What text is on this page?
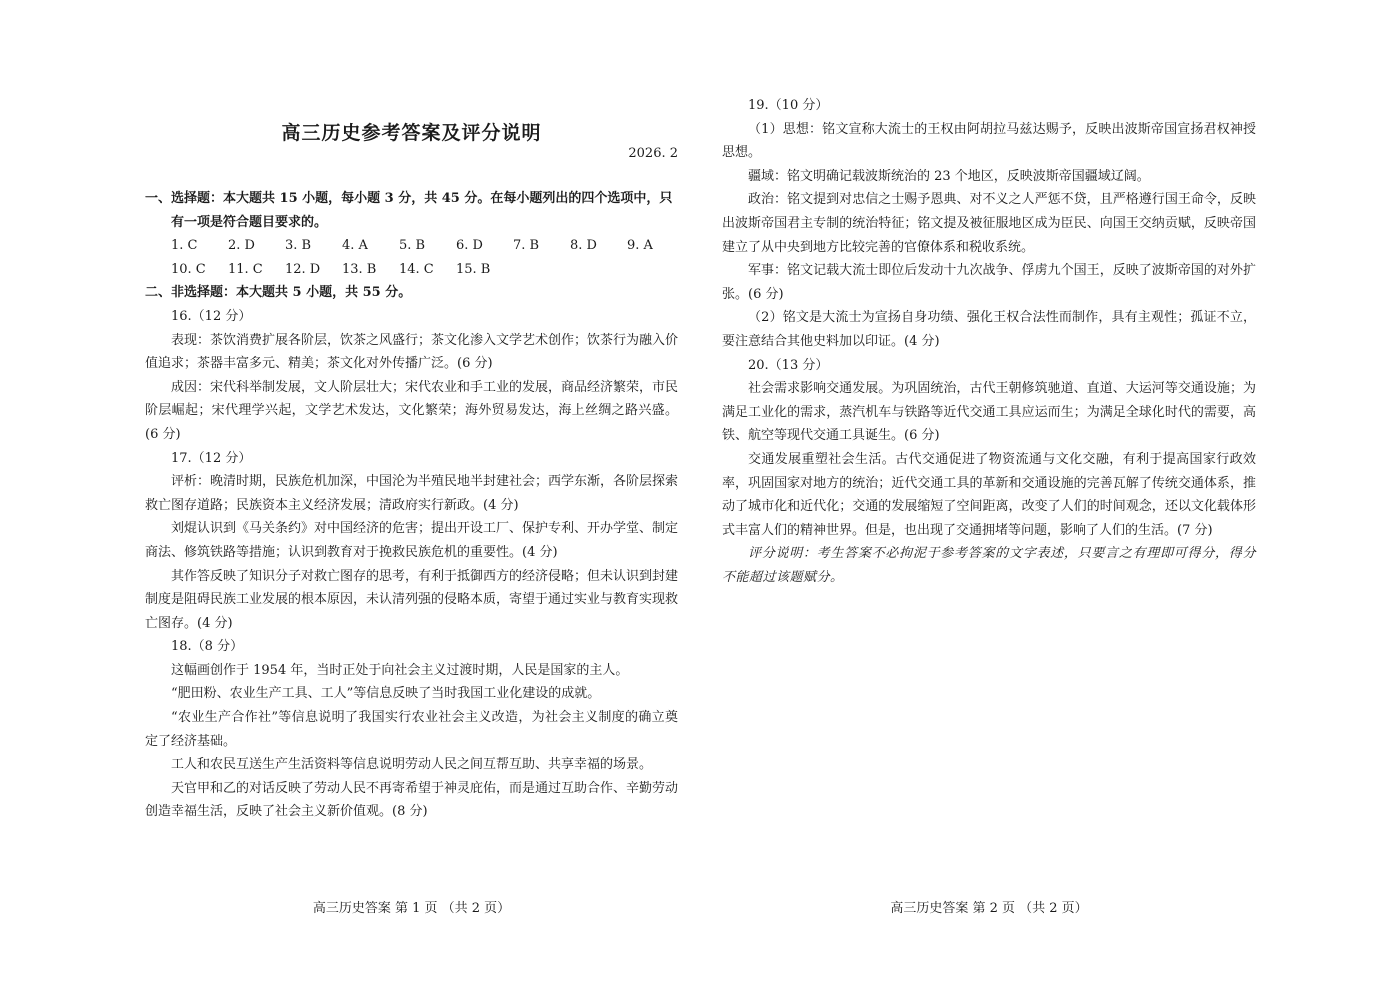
高三历史参考答案及评分说明
2026. 2

一、选择题：本大题共 15 小题，每小题 3 分，共 45 分。在每小题列出的四个选项中，只有一项是符合题目要求的。

1. C	2. D	3. B	4. A	5. B	6. D	7. B	8. D	9. A
10. C	11. C	12. D	13. B	14. C	15. B

二、非选择题：本大题共 5 小题，共 55 分。

16.（12 分）

表现：茶饮消费扩展各阶层，饮茶之风盛行；茶文化渗入文学艺术创作；饮茶行为融入价值追求；茶器丰富多元、精美；茶文化对外传播广泛。(6 分)

成因：宋代科举制发展，文人阶层壮大；宋代农业和手工业的发展，商品经济繁荣，市民阶层崛起；宋代理学兴起，文学艺术发达，文化繁荣；海外贸易发达，海上丝绸之路兴盛。(6 分)

17.（12 分）

评析：晚清时期，民族危机加深，中国沦为半殖民地半封建社会；西学东渐，各阶层探索救亡图存道路；民族资本主义经济发展；清政府实行新政。(4 分)

刘焜认识到《马关条约》对中国经济的危害；提出开设工厂、保护专利、开办学堂、制定商法、修筑铁路等措施；认识到教育对于挽救民族危机的重要性。(4 分)

其作答反映了知识分子对救亡图存的思考，有利于抵御西方的经济侵略；但未认识到封建制度是阻碍民族工业发展的根本原因，未认清列强的侵略本质，寄望于通过实业与教育实现救亡图存。(4 分)

18.（8 分）

这幅画创作于 1954 年，当时正处于向社会主义过渡时期，人民是国家的主人。

“肥田粉、农业生产工具、工人”等信息反映了当时我国工业化建设的成就。

“农业生产合作社”等信息说明了我国实行农业社会主义改造，为社会主义制度的确立奠定了经济基础。

工人和农民互送生产生活资料等信息说明劳动人民之间互帮互助、共享幸福的场景。

天官甲和乙的对话反映了劳动人民不再寄希望于神灵庇佑，而是通过互助合作、辛勤劳动创造幸福生活，反映了社会主义新价值观。(8 分)

19.（10 分）

（1）思想：铭文宣称大流士的王权由阿胡拉马兹达赐予，反映出波斯帝国宣扬君权神授思想。

疆域：铭文明确记载波斯统治的 23 个地区，反映波斯帝国疆域辽阔。

政治：铭文提到对忠信之士赐予恩典、对不义之人严惩不贷，且严格遵行国王命令，反映出波斯帝国君主专制的统治特征；铭文提及被征服地区成为臣民、向国王交纳贡赋，反映帝国建立了从中央到地方比较完善的官僚体系和税收系统。

军事：铭文记载大流士即位后发动十九次战争、俘虏九个国王，反映了波斯帝国的对外扩张。(6 分)

（2）铭文是大流士为宣扬自身功绩、强化王权合法性而制作，具有主观性；孤证不立，要注意结合其他史料加以印证。(4 分)

20.（13 分）

社会需求影响交通发展。为巩固统治，古代王朝修筑驰道、直道、大运河等交通设施；为满足工业化的需求，蒸汽机车与铁路等近代交通工具应运而生；为满足全球化时代的需要，高铁、航空等现代交通工具诞生。(6 分)

交通发展重塑社会生活。古代交通促进了物资流通与文化交融，有利于提高国家行政效率，巩固国家对地方的统治；近代交通工具的革新和交通设施的完善瓦解了传统交通体系，推动了城市化和近代化；交通的发展缩短了空间距离，改变了人们的时间观念，还以文化载体形式丰富人们的精神世界。但是，也出现了交通拥堵等问题，影响了人们的生活。(7 分)

评分说明：考生答案不必拘泥于参考答案的文字表述，只要言之有理即可得分，得分不能超过该题赋分。

高三历史答案 第 1 页 （共 2 页）	高三历史答案 第 2 页 （共 2 页）
